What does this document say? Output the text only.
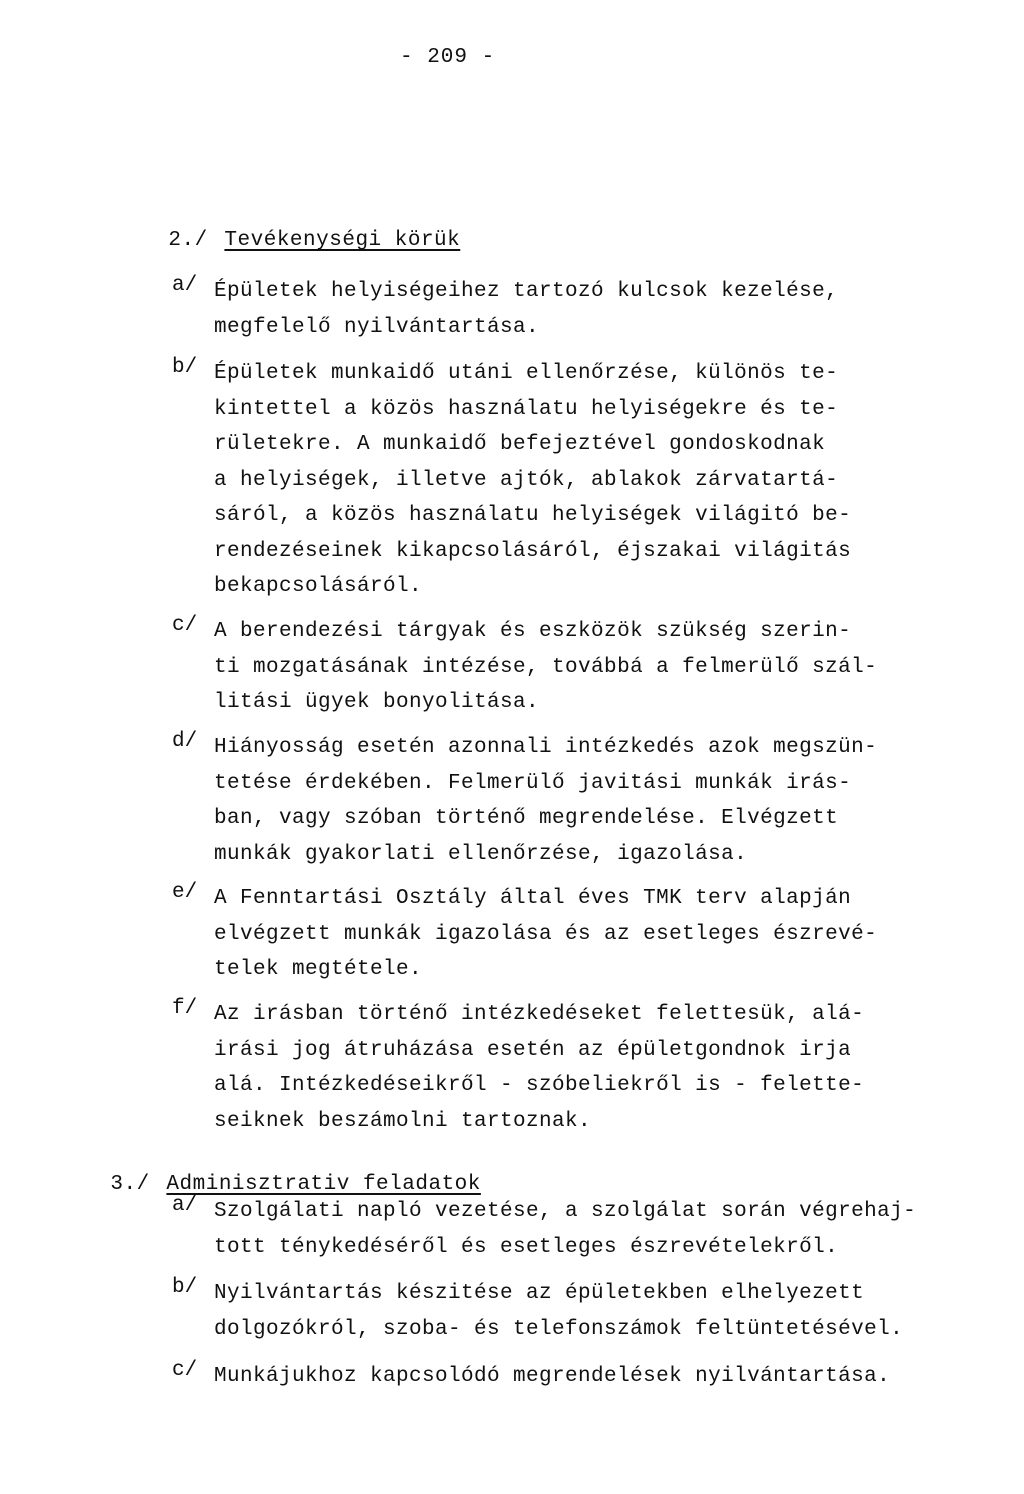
- 209 -

2./ Tevékenységi körük

a/ Épületek helyiségeihez tartozó kulcsok kezelése,
megfelelő nyilvántartása.
b/ Épületek munkaidő utáni ellenőrzése, különös te-
kintettel a közös használatu helyiségekre és te-
rületekre. A munkaidő befejeztével gondoskodnak
a helyiségek, illetve ajtók, ablakok zárvatartá-
sáról, a közös használatu helyiségek világitó be-
rendezéseinek kikapcsolásáról, éjszakai világitás
bekapcsolásáról.
c/ A berendezési tárgyak és eszközök szükség szerin-
ti mozgatásának intézése, továbbá a felmerülő szál-
litási ügyek bonyolitása.
d/ Hiányosság esetén azonnali intézkedés azok megszün-
tetése érdekében. Felmerülő javitási munkák irás-
ban, vagy szóban történő megrendelése. Elvégzett
munkák gyakorlati ellenőrzése, igazolása.
e/ A Fenntartási Osztály által éves TMK terv alapján
elvégzett munkák igazolása és az esetleges észrevé-
telek megtétele.
f/ Az irásban történő intézkedéseket felettesük, alá-
irási jog átruházása esetén az épületgondnok irja
alá. Intézkedéseikről - szóbeliekről is - felette-
seiknek beszámolni tartoznak.

3./ Adminisztrativ feladatok

a/ Szolgálati napló vezetése, a szolgálat során végrehaj-
tott ténykedéséről és esetleges észrevételekről.
b/ Nyilvántartás készitése az épületekben elhelyezett
dolgozókról, szoba- és telefonszámok feltüntetésével.
c/ Munkájukhoz kapcsolódó megrendelések nyilvántartása.
